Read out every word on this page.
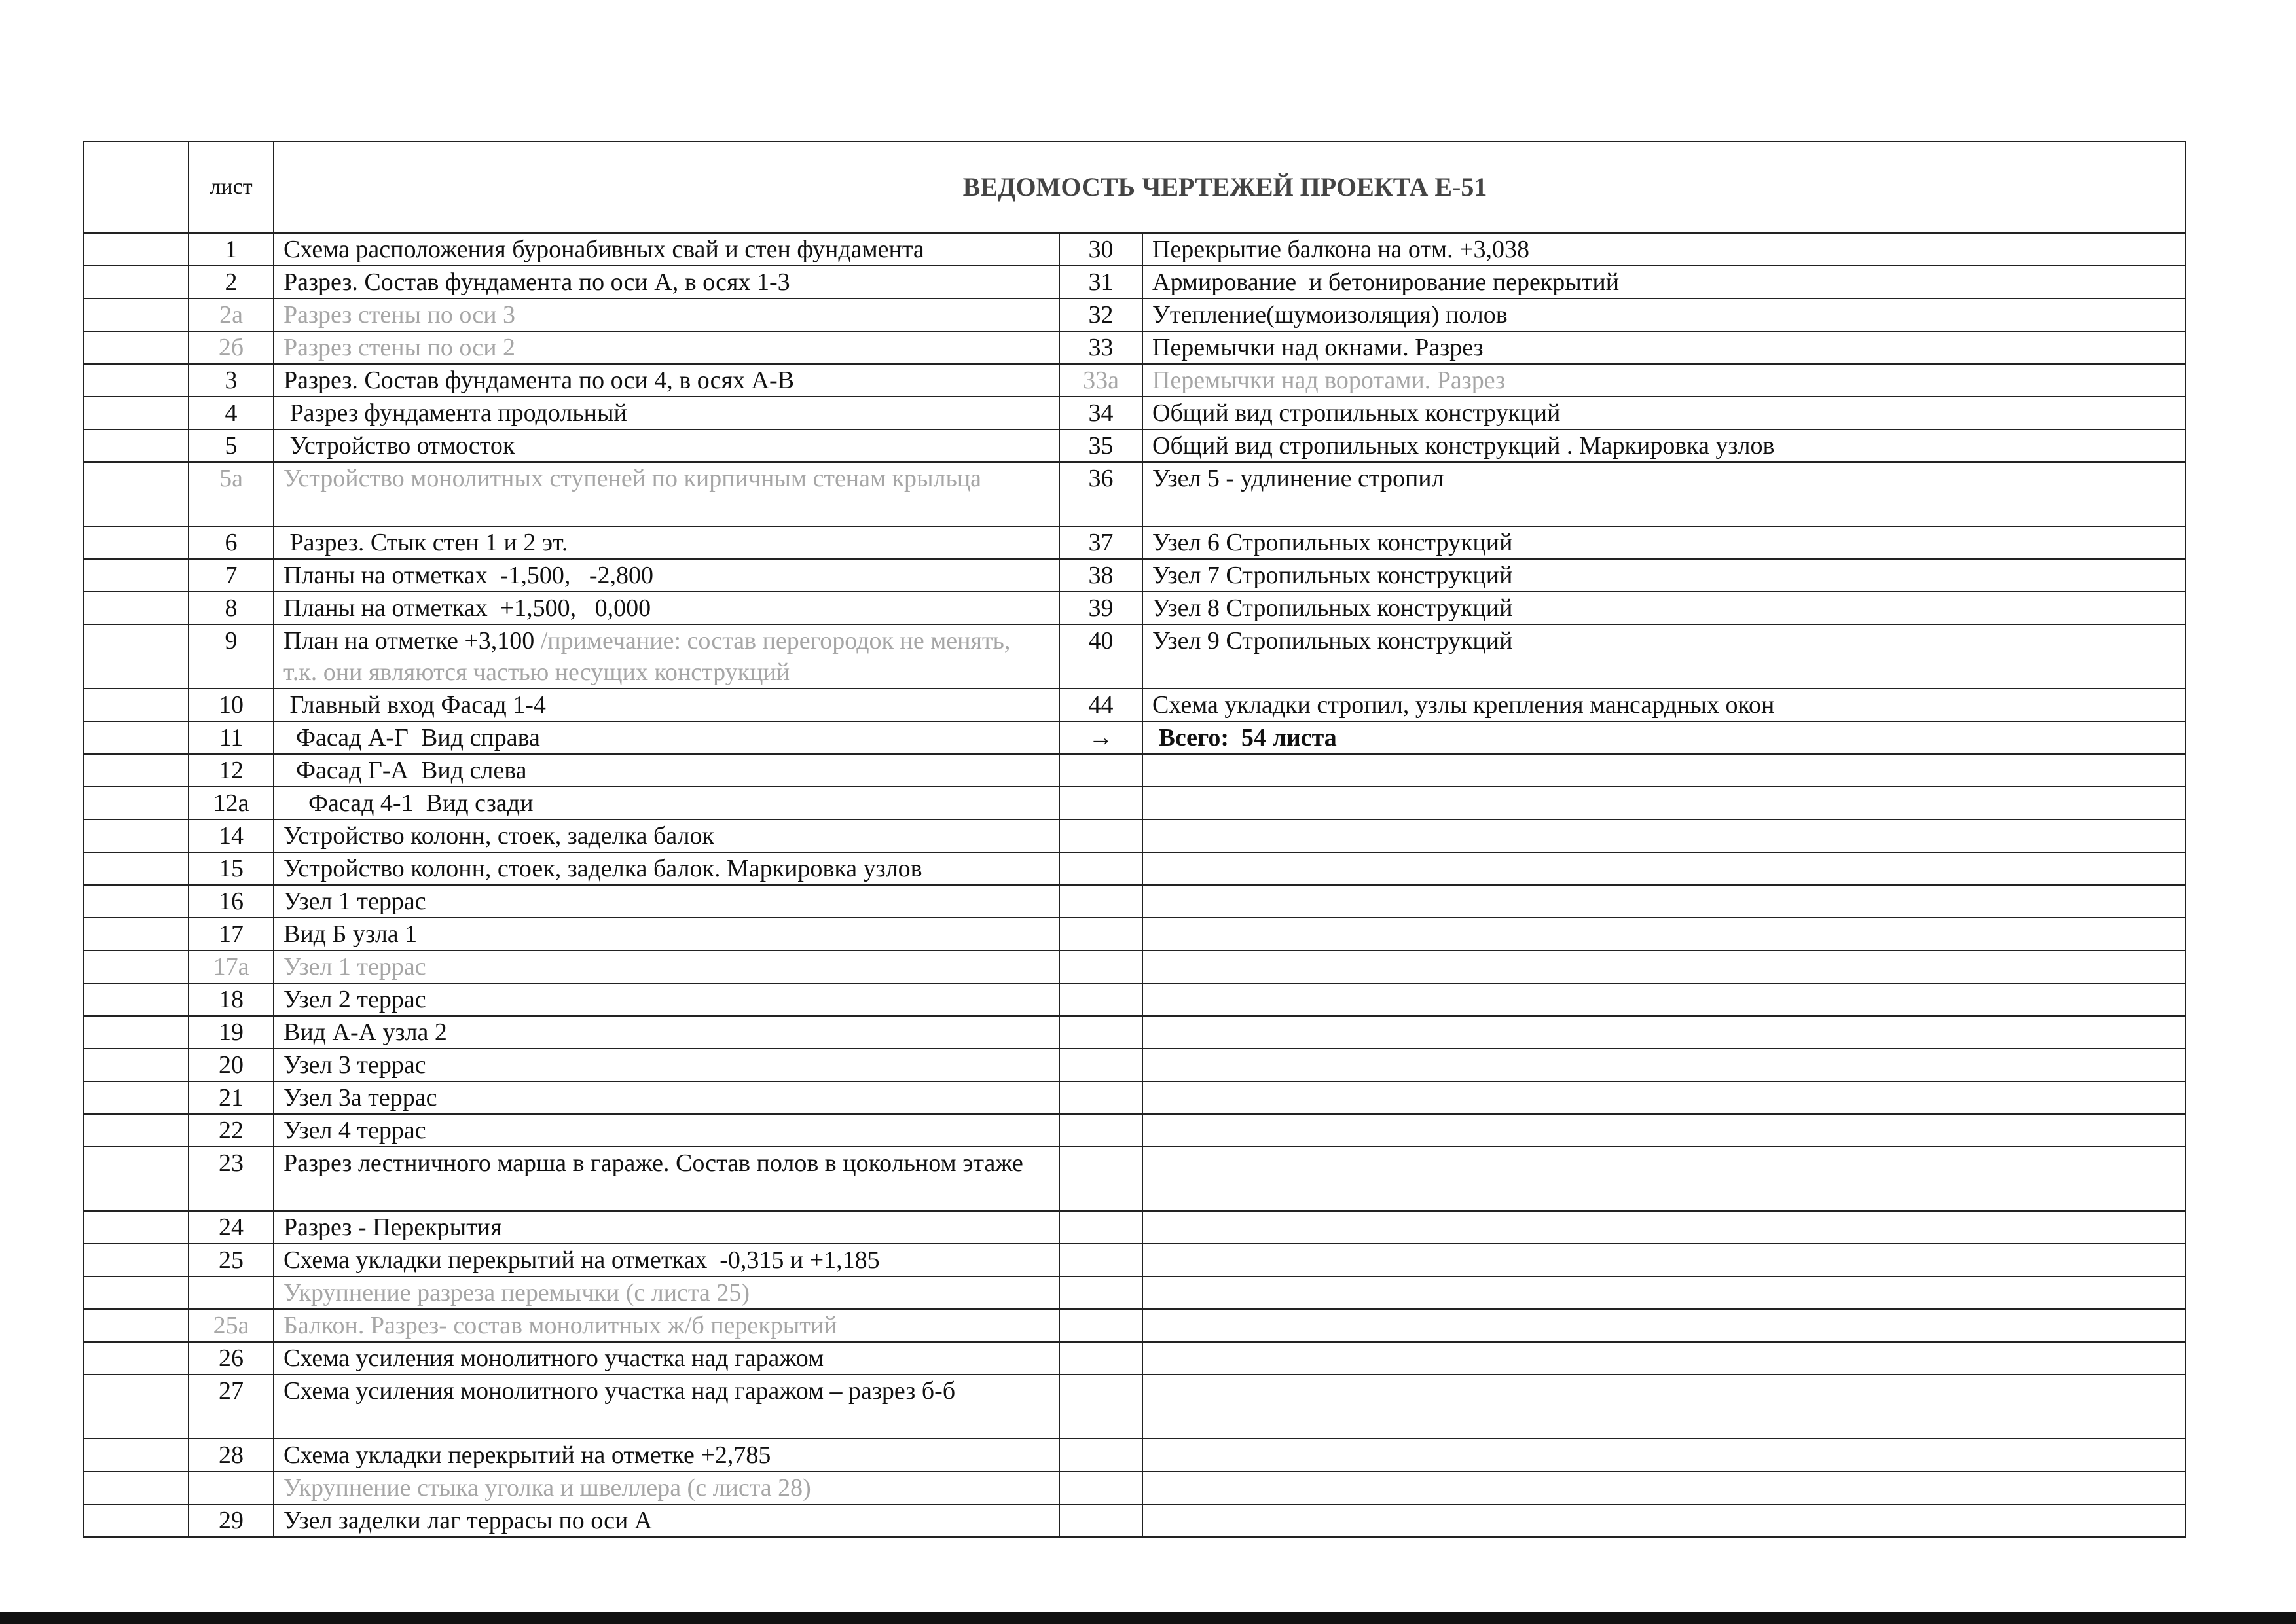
	лист	ВЕДОМОСТЬ ЧЕРТЕЖЕЙ ПРОЕКТА Е-51		
	1	Схема расположения буронабивных свай и стен фундамента	30	Перекрытие балкона на отм. +3,038
	2	Разрез. Состав фундамента по оси А, в осях 1-3	31	Армирование  и бетонирование перекрытий
	2а	Разрез стены по оси 3	32	Утепление(шумоизоляция) полов
	2б	Разрез стены по оси 2	33	Перемычки над окнами. Разрез
	3	Разрез. Состав фундамента по оси 4, в осях А-В	33а	Перемычки над воротами. Разрез
	4	Разрез фундамента продольный	34	Общий вид стропильных конструкций
	5	Устройство отмосток	35	Общий вид стропильных конструкций . Маркировка узлов
	5а	Устройство монолитных ступеней по кирпичным стенам крыльца	36	Узел 5 - удлинение стропил
	6	Разрез. Стык стен 1 и 2 эт.	37	Узел 6 Стропильных конструкций
	7	Планы на отметках  -1,500,   -2,800	38	Узел 7 Стропильных конструкций
	8	Планы на отметках  +1,500,   0,000	39	Узел 8 Стропильных конструкций
	9	План на отметке +3,100 /примечание: состав перегородок не менять, т.к. они являются частью несущих конструкций	40	Узел 9 Стропильных конструкций
	10	Главный вход Фасад 1-4	44	Схема укладки стропил, узлы крепления мансардных окон
	11	Фасад А-Г  Вид справа	→	Всего:  54 листа
	12	Фасад Г-А  Вид слева		
	12а	Фасад 4-1  Вид сзади		
	14	Устройство колонн, стоек, заделка балок		
	15	Устройство колонн, стоек, заделка балок. Маркировка узлов		
	16	Узел 1 террас		
	17	Вид Б узла 1		
	17а	Узел 1 террас		
	18	Узел 2 террас		
	19	Вид А-А узла 2		
	20	Узел 3 террас		
	21	Узел 3а террас		
	22	Узел 4 террас		
	23	Разрез лестничного марша в гараже. Состав полов в цокольном этаже		
	24	Разрез - Перекрытия		
	25	Схема укладки перекрытий на отметках  -0,315 и +1,185		
		Укрупнение разреза перемычки (с листа 25)		
	25а	Балкон. Разрез- состав монолитных ж/б перекрытий		
	26	Схема усиления монолитного участка над гаражом		
	27	Схема усиления монолитного участка над гаражом – разрез б-б		
	28	Схема укладки перекрытий на отметке +2,785		
		Укрупнение стыка уголка и швеллера (с листа 28)		
	29	Узел заделки лаг террасы по оси А		
